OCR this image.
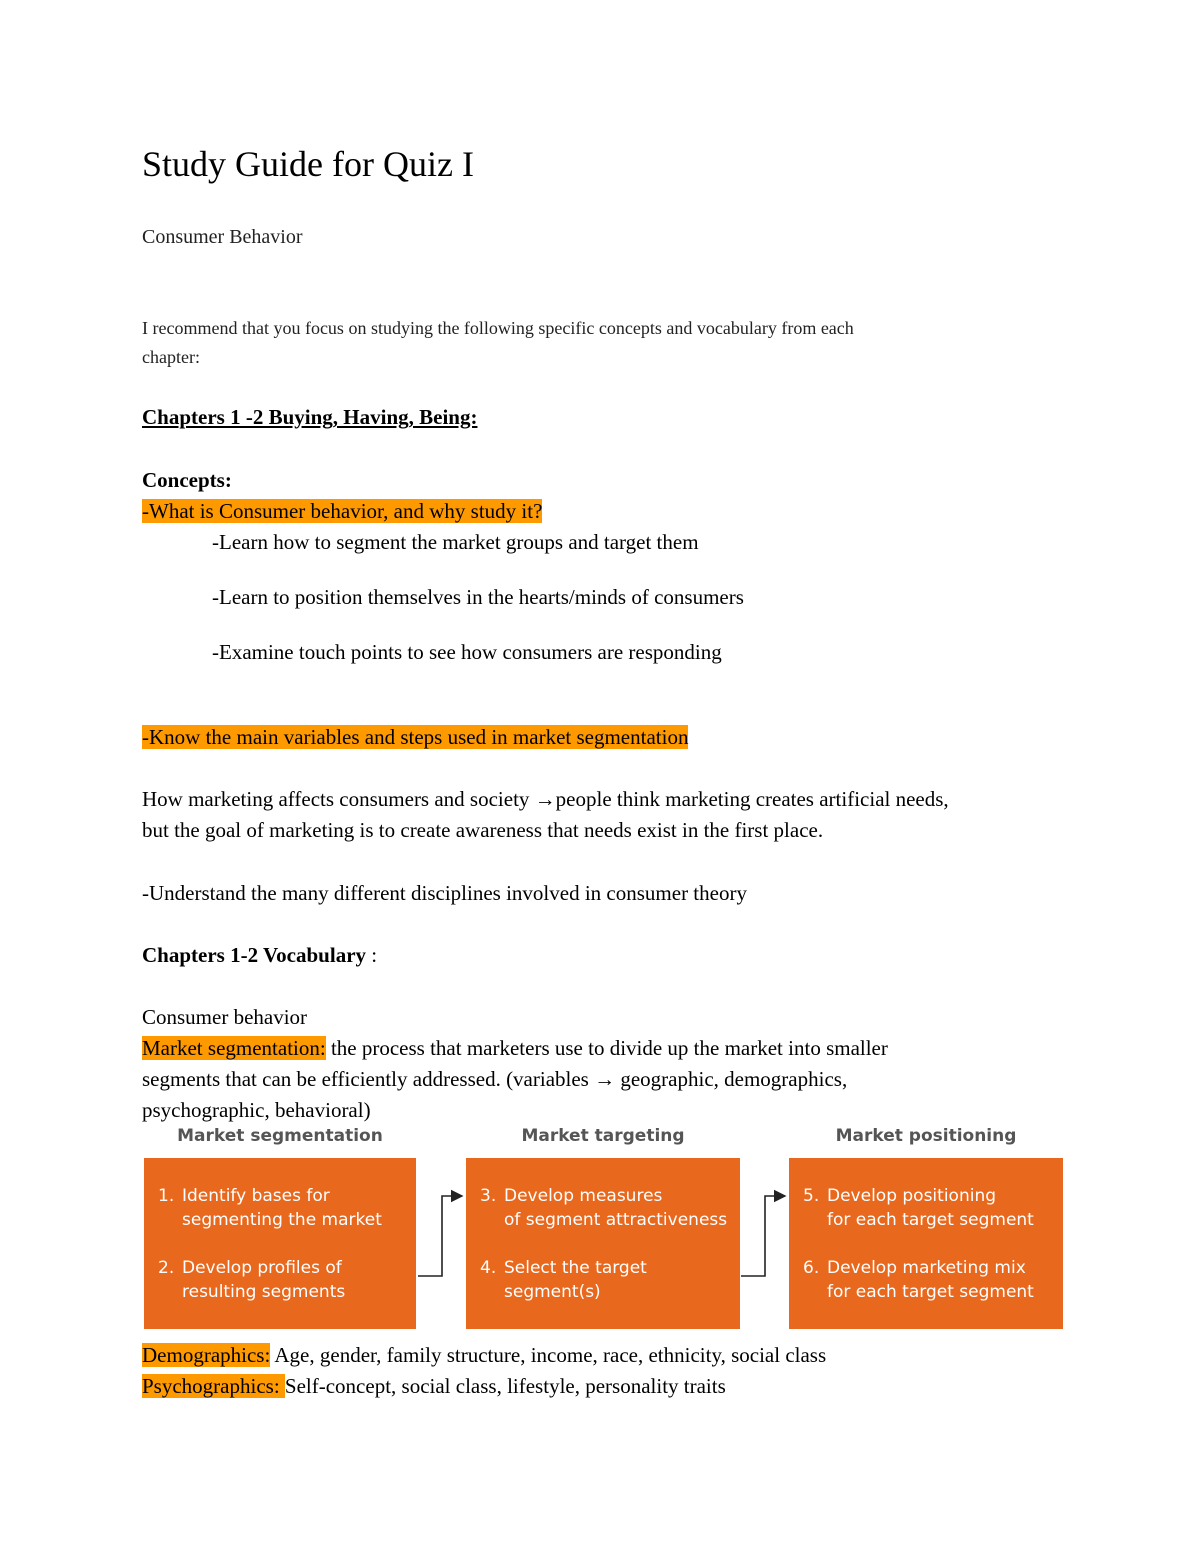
Study Guide for Quiz I

Consumer Behavior

I recommend that you focus on studying the following specific concepts and vocabulary from each

chapter:

Chapters 1 -2 Buying, Having, Being:

Concepts:

-What is Consumer behavior, and why study it?

-Learn how to segment the market groups and target them

-Learn to position themselves in the hearts/minds of consumers

-Examine touch points to see how consumers are responding

-Know the main variables and steps used in market segmentation

How marketing affects consumers and society →people think marketing creates artificial needs,

but the goal of marketing is to create awareness that needs exist in the first place.

-Understand the many different disciplines involved in consumer theory

Chapters 1-2 Vocabulary :

Consumer behavior

Market segmentation: the process that marketers use to divide up the market into smaller

segments that can be efficiently addressed. (variables → geographic, demographics,

psychographic, behavioral)

Market segmentation	Market targeting	Market positioning
1. Identify bases for
segmenting the market
2. Develop profiles of
resulting segments
3. Develop measures
of segment attractiveness
4. Select the target
segment(s)
5. Develop positioning
for each target segment
6. Develop marketing mix
for each target segment

Demographics: Age, gender, family structure, income, race, ethnicity, social class

Psychographics: Self-concept, social class, lifestyle, personality traits
